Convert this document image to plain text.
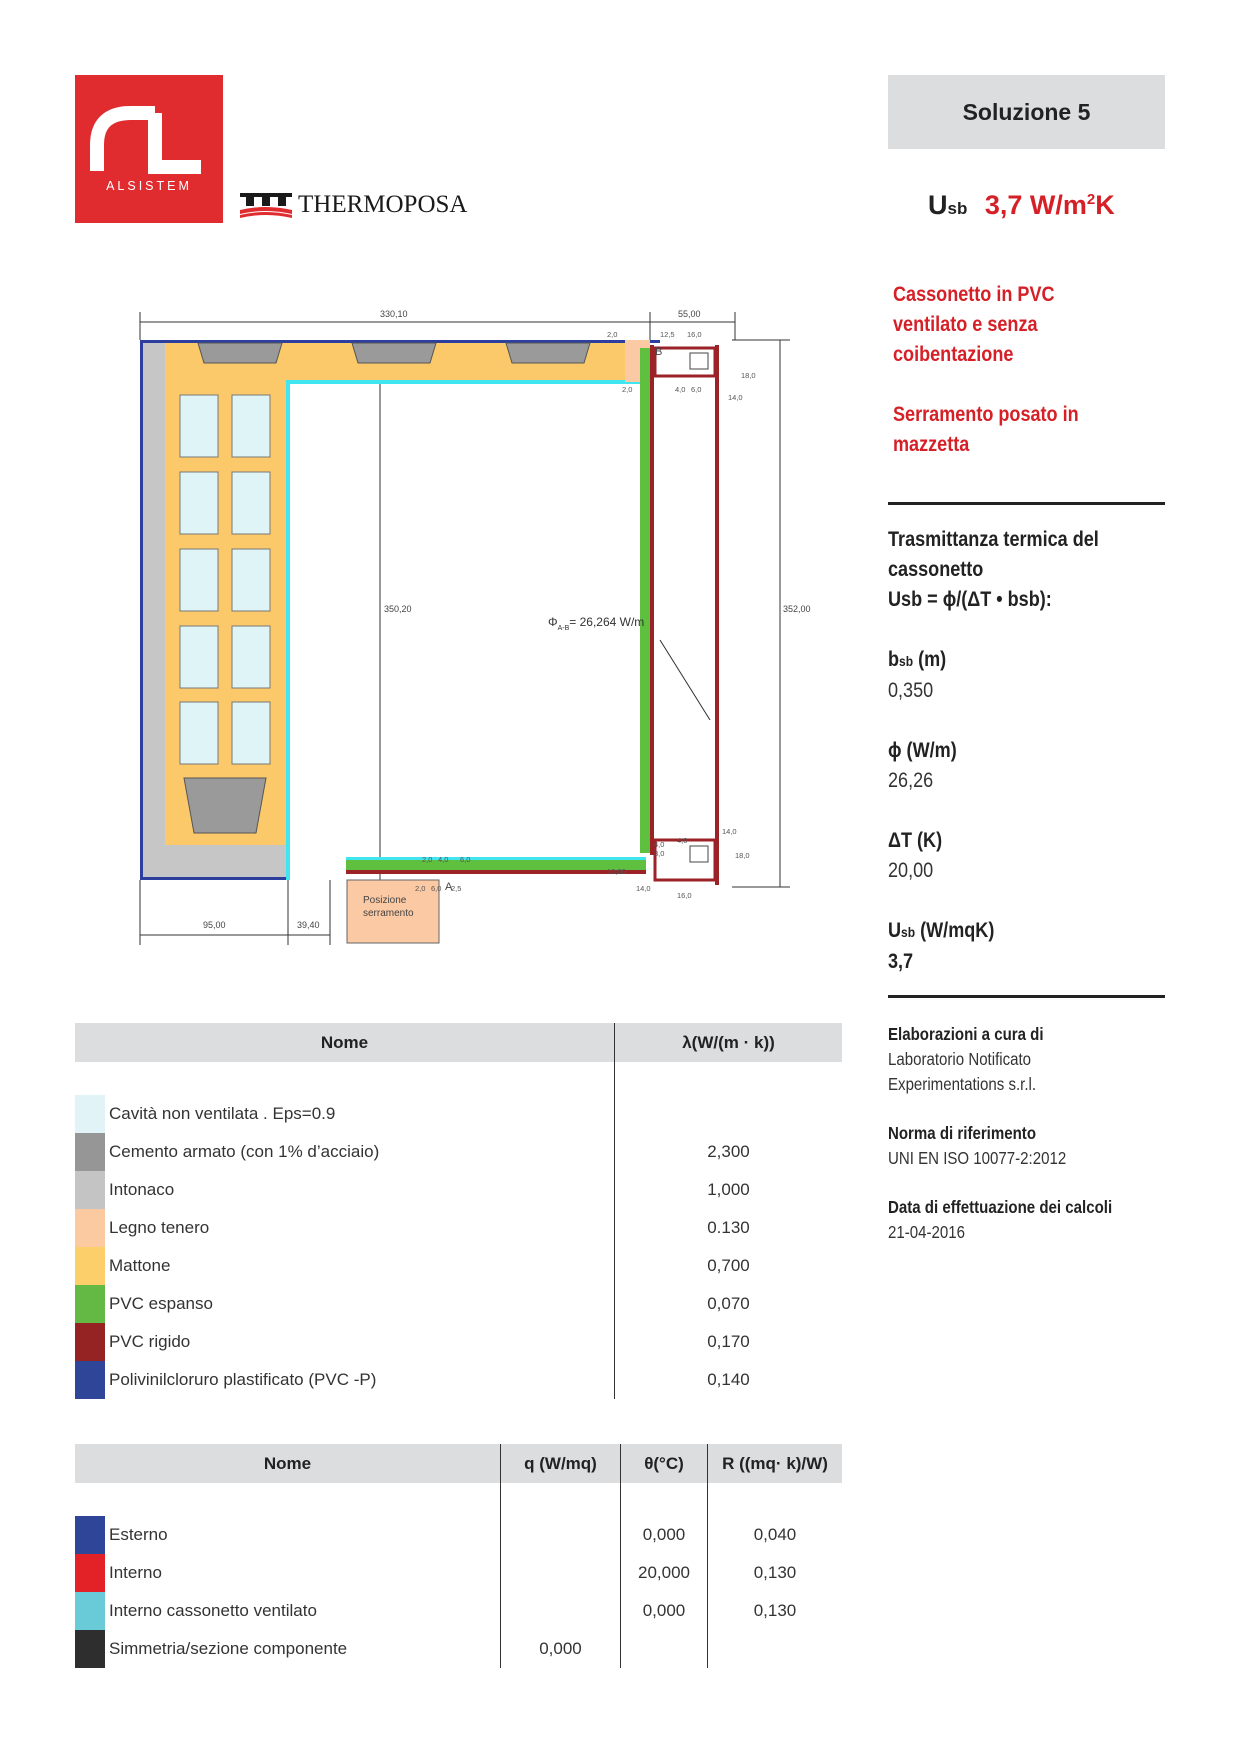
ALSISTEM
THERMOPOSA
Soluzione 5
Usb 3,7 $W/m^2K$
Cassonetto in PVC
ventilato e senza
coibentazione
Serramento posato in
mazzetta
Trasmittanza termica del
cassonetto
Usb = ϕ/(ΔT • bsb):
bsb (m)
0,350
ϕ (W/m)
26,26
ΔT (K)
20,00
Usb (W/mqK)
3,7
Elaborazioni a cura di
Laboratorio Notificato
Experimentations s.r.l.
Norma di riferimento
UNI EN ISO 10077-2:2012
Data di effettuazione dei calcoli
21-04-2016
Posizione
serramento
330,10	55,00
350,20	352,00
95,00	39,40
A
B
2,0	12,5 16,0
18,0
14,0
2,0	4,0 6,0
2,0 4,0 6,0
2,0 6,0 2,5
4,0
4,0
3,0
14,0
18,0
10,00
14,0
16,0
$\Phi_{A-B}= 26,264$ W/m
Nome		λ(W/(m · k))

	Cavità non ventilata . Eps=0.9	
	Cemento armato (con 1% d’acciaio)	2,300
	Intonaco	1,000
	Legno tenero	0.130
	Mattone	0,700
	PVC espanso	0,070
	PVC rigido	0,170
	Polivinilcloruro plastificato (PVC -P)	0,140
Nome		q (W/mq)	θ(°C)	R ((mq· k)/W)

	Esterno		0,000	0,040
	Interno		20,000	0,130
	Interno cassonetto ventilato		0,000	0,130
	Simmetria/sezione componente	0,000		
